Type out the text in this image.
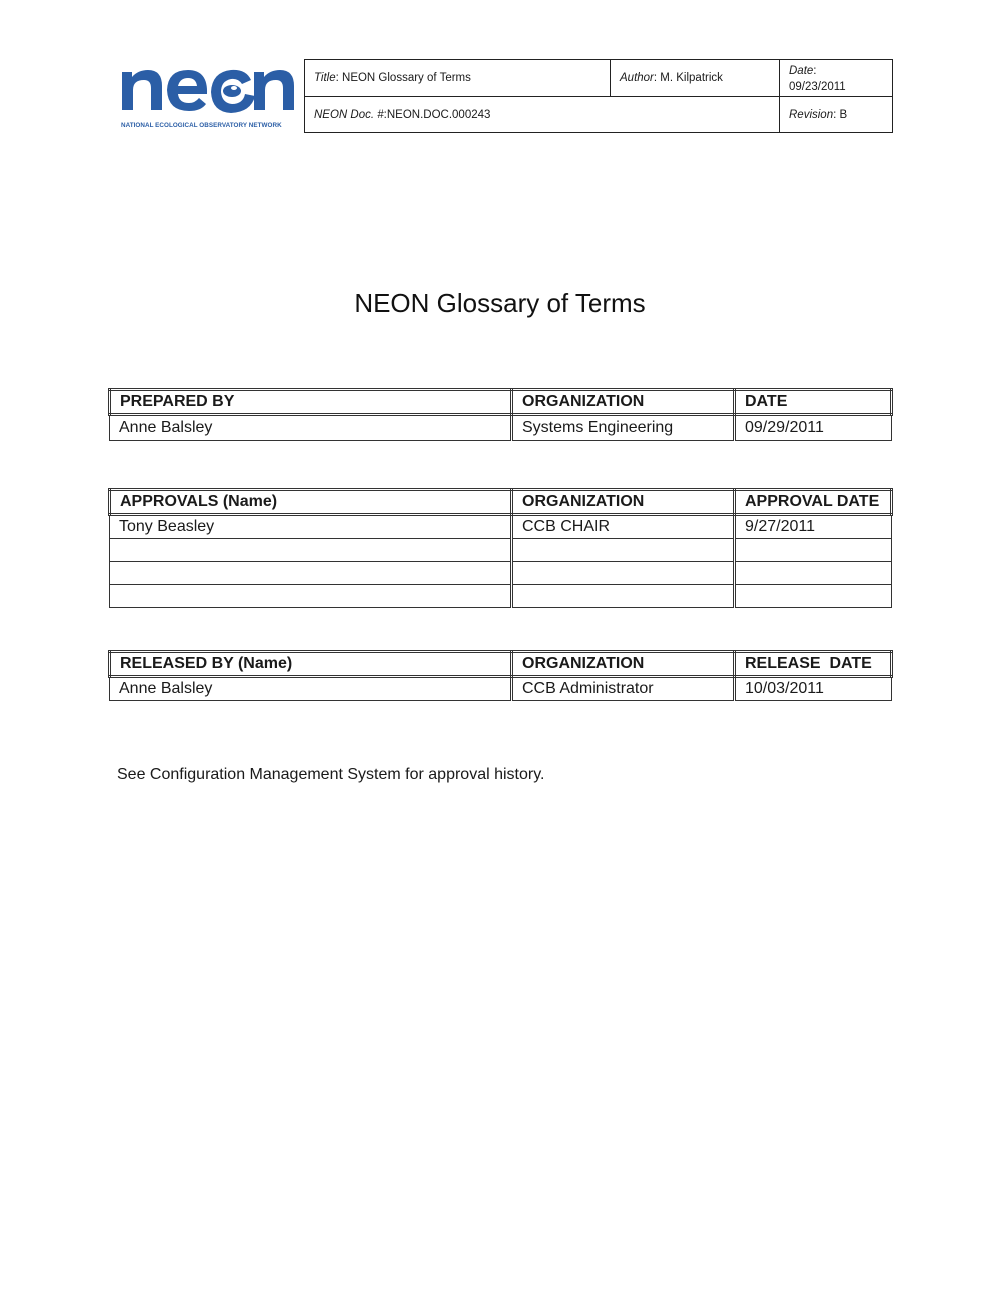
NATIONAL ECOLOGICAL OBSERVATORY NETWORK
Title: NEON Glossary of Terms	Author: M. Kilpatrick	Date:
09/23/2011
NEON Doc. #:NEON.DOC.000243		Revision: B
NEON Glossary of Terms
PREPARED BY	ORGANIZATION	DATE
Anne Balsley	Systems Engineering	09/29/2011
APPROVALS (Name)	ORGANIZATION	APPROVAL DATE
Tony Beasley	CCB CHAIR	9/27/2011

RELEASED BY (Name)	ORGANIZATION	RELEASE  DATE
Anne Balsley	CCB Administrator	10/03/2011
See Configuration Management System for approval history.
